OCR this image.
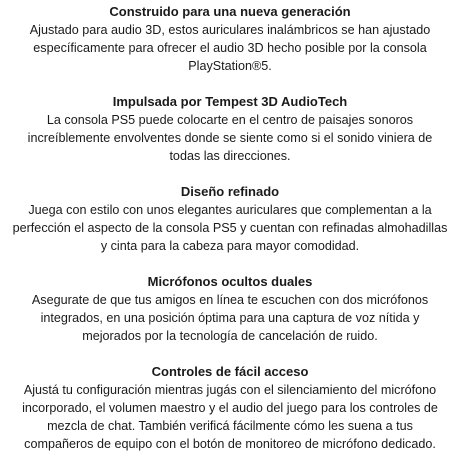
Construido para una nueva generación

Ajustado para audio 3D, estos auriculares inalámbricos se han ajustado
específicamente para ofrecer el audio 3D hecho posible por la consola
PlayStation®5.

Impulsada por Tempest 3D AudioTech

La consola PS5 puede colocarte en el centro de paisajes sonoros
increíblemente envolventes donde se siente como si el sonido viniera de
todas las direcciones.

Diseño refinado

Juega con estilo con unos elegantes auriculares que complementan a la
perfección el aspecto de la consola PS5 y cuentan con refinadas almohadillas
y cinta para la cabeza para mayor comodidad.

Micrófonos ocultos duales

Asegurate de que tus amigos en línea te escuchen con dos micrófonos
integrados, en una posición óptima para una captura de voz nítida y
mejorados por la tecnología de cancelación de ruido.

Controles de fácil acceso

Ajustá tu configuración mientras jugás con el silenciamiento del micrófono
incorporado, el volumen maestro y el audio del juego para los controles de
mezcla de chat. También verificá fácilmente cómo les suena a tus
compañeros de equipo con el botón de monitoreo de micrófono dedicado.
